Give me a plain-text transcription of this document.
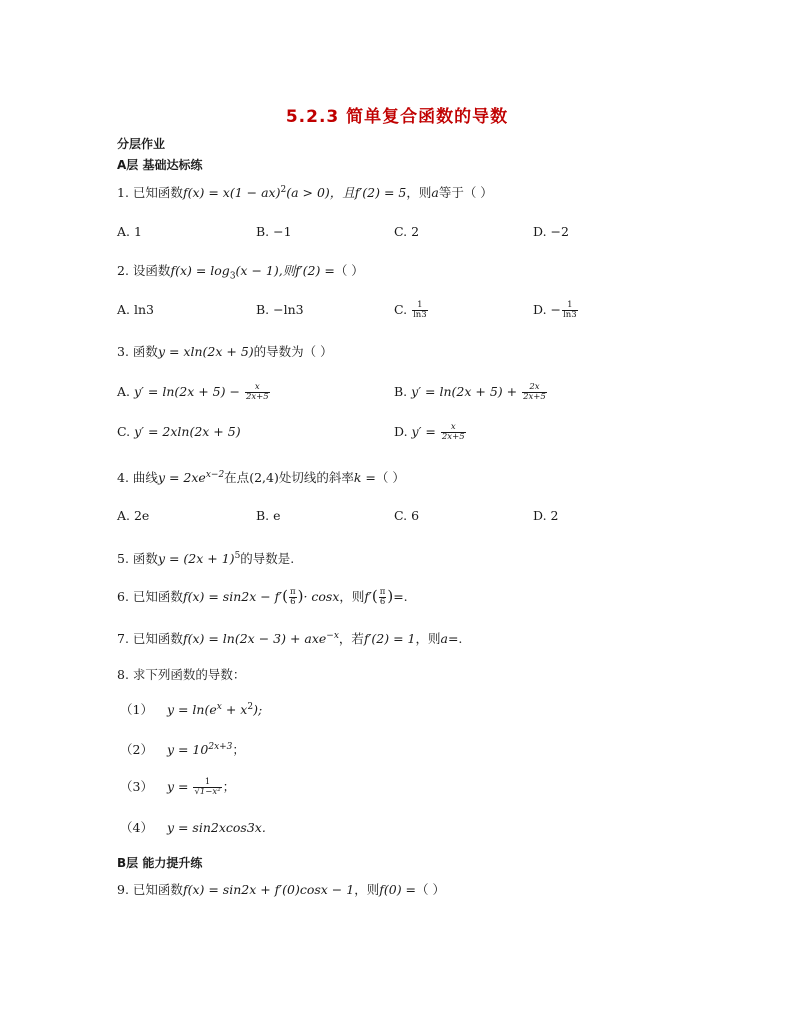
5.2.3 简单复合函数的导数
分层作业
A层 基础达标练
1. 已知函数f(x) = x(1 − ax)$^2$(a > 0)，且f′(2) = 5，则a等于（ ）
A. 1	B. −1	C. 2	D. −2
2. 设函数$f(x) = \log_3(x - 1)$,则f′(2) =（ ）
A. ln3	B. −ln3	C. $\frac{1}{\ln 3}$	D. − $\frac{1}{\ln 3}$
3. 函数y = xln(2x + 5)的导数为（ ）
A. $y' = \ln(2x + 5) - \frac{x}{2x+5}$	B. $y' = \ln(2x + 5) + \frac{2x}{2x+5}$
C. y′ = 2xln(2x + 5)	D. $y' = \frac{x}{2x+5}$
4. 曲线$y = 2xe^{x-2}$在点(2,4)处切线的斜率k =（ ）
A. 2e	B. e	C. 6	D. 2
5. 函数$y = (2x + 1)^5$的导数是.
6. 已知函数$f(x) = \sin 2x - f'( \frac{\pi}{6}$ )· cosx，则$f'( \frac{\pi}{6}$ )=.
7. 已知函数f(x) = ln(2x − 3) + axe$^{-x}$，若f′(2) = 1，则a=.
8. 求下列函数的导数：
（1） $y = \ln(e^x + x^2)$;
（2） $y = 10^{2x+3}$；
（3） $y = \frac{1}{\text{√1−x²}}$ ；
（4） y = sin2xcos3x.
B层 能力提升练
9. 已知函数f(x) = sin2x + f′(0)cosx − 1，则f(0) =（ ）
